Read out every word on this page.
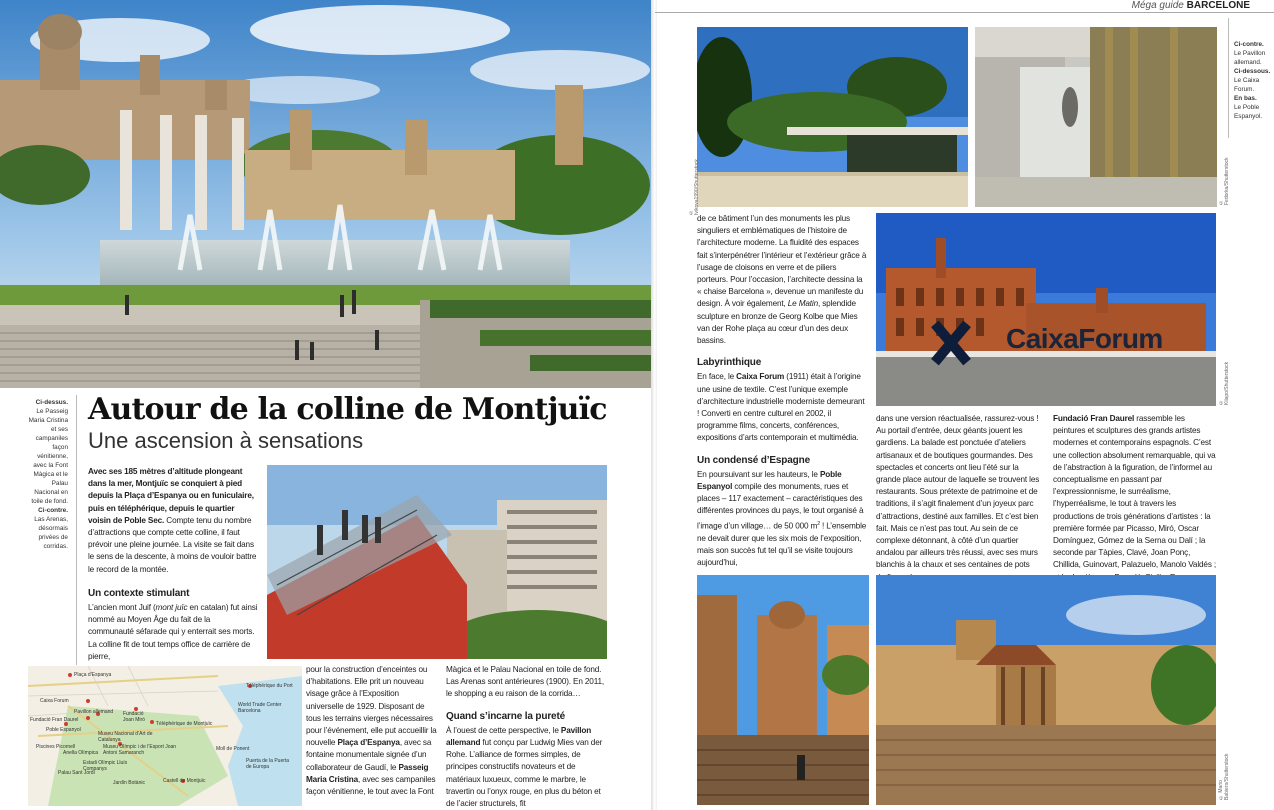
Ci-dessus.
Le Passeig Maria Cristina et ses campaniles façon vénitienne, avec la Font Màgica et le Palau Nacional en toile de fond.
Ci-contre.
Las Arenas, désormais privées de corridas.
Autour de la colline de Montjuïc
Une ascension à sensations

Avec ses 185 mètres d’altitude plongeant dans la mer, Montjuïc se conquiert à pied depuis la Plaça d’Espanya ou en funiculaire, puis en téléphérique, depuis le quartier voisin de Poble Sec. Compte tenu du nombre d’attractions que compte cette colline, il faut prévoir une pleine journée. La visite se fait dans le sens de la descente, à moins de vouloir battre le record de la montée.

Un contexte stimulant

L’ancien mont Juif (mont juïc en catalan) fut ainsi nommé au Moyen Âge du fait de la communauté séfarade qui y enterrait ses morts. La colline fit de tout temps office de carrière de pierre,

Plaça d’Espanya
Caixa Forum
Pavillon allemand
Fundació Fran Daurel
Poble Espanyol
Fundació Joan Miró
Téléphérique de Montjuïc
Téléphérique du Port
World Trade Center Barcelona
Museu Nacional d’Art de Catalunya
Piscines Picornell
Anella Olímpica
Museu Olímpic i de l’Esport Joan Antoni Samaranch
Estadi Olímpic Lluís Companys
Palau Sant Jordi
Jardín Botànic	Castell de Montjuïc
Moll de Ponent
Puerta de la Puerta de Europa

pour la construction d’enceintes ou d’habitations. Elle prit un nouveau visage grâce à l’Exposition universelle de 1929. Disposant de tous les terrains vierges nécessaires pour l’événement, elle put accueillir la nouvelle Plaça d’Espanya, avec sa fontaine monumentale signée d’un collaborateur de Gaudí, le Passeig Maria Cristina, avec ses campaniles façon vénitienne, le tout avec la Font

Màgica et le Palau Nacional en toile de fond. Las Arenas sont antérieures (1900). En 2011, le shopping a eu raison de la corrida…

Quand s’incarne la pureté

À l’ouest de cette perspective, le Pavillon allemand fut conçu par Ludwig Mies van der Rohe. L’alliance de formes simples, de principes constructifs novateurs et de matériaux luxueux, comme le marbre, le travertin ou l’onyx rouge, en plus du béton et de l’acier structurels, fit

Méga guide BARCELONE
© Ivikova1990/Shutterstock	© Fedorka/Shutterstock
Ci-contre.
Le Pavillon allemand.
Ci-dessous.
Le Caixa Forum.
En bas.
Le Poble Espanyol.

de ce bâtiment l’un des monuments les plus singuliers et emblématiques de l’histoire de l’architecture moderne. La fluidité des espaces fait s’interpénétrer l’intérieur et l’extérieur grâce à l’usage de cloisons en verre et de piliers porteurs. Pour l’occasion, l’architecte dessina la « chaise Barcelona », devenue un manifeste du design. À voir également, Le Matin, splendide sculpture en bronze de Georg Kolbe que Mies van der Rohe plaça au cœur d’un des deux bassins.

Labyrinthique

En face, le Caixa Forum (1911) était à l’origine une usine de textile. C’est l’unique exemple d’architecture industrielle moderniste demeurant ! Converti en centre culturel en 2002, il programme films, concerts, conférences, expositions d’arts contemporain et multimédia.

Un condensé d’Espagne

En poursuivant sur les hauteurs, le Poble Espanyol compile des monuments, rues et places – 117 exactement – caractéristiques des différentes provinces du pays, le tout organisé à l’image d’un village… de 50 000 $m^2$ ! L’ensemble ne devait durer que les six mois de l’exposition, mais son succès fut tel qu’il se visite toujours aujourd’hui,

CaixaForum
© Kilapo/Shutterstock

dans une version réactualisée, rassurez-vous ! Au portail d’entrée, deux géants jouent les gardiens. La balade est ponctuée d’ateliers artisanaux et de boutiques gourmandes. Des spectacles et concerts ont lieu l’été sur la grande place autour de laquelle se trouvent les restaurants. Sous prétexte de patrimoine et de traditions, il s’agit finalement d’un joyeux parc d’attractions, destiné aux familles. Et c’est bien fait. Mais ce n’est pas tout. Au sein de ce complexe détonnant, à côté d’un quartier andalou par ailleurs très réussi, avec ses murs blanchis à la chaux et ses centaines de pots

Fundació Fran Daurel rassemble les peintures et sculptures des grands artistes modernes et contemporains espagnols. C’est une collection absolument remarquable, qui va de l’abstraction à la figuration, de l’informel au conceptualisme en passant par l’expressionnisme, le surréalisme, l’hyperréalisme, le tout à travers les productions de trois générations d’artistes : la première formée par Picasso, Miró, Oscar Domínguez, Gómez de la Serna ou Dalí ; la seconde par Tàpies, Clavé, Joan Ponç, Chillida, Guinovart, Palazuelo, Manolo Valdés ;

© Mario Babiero/Shutterstock
